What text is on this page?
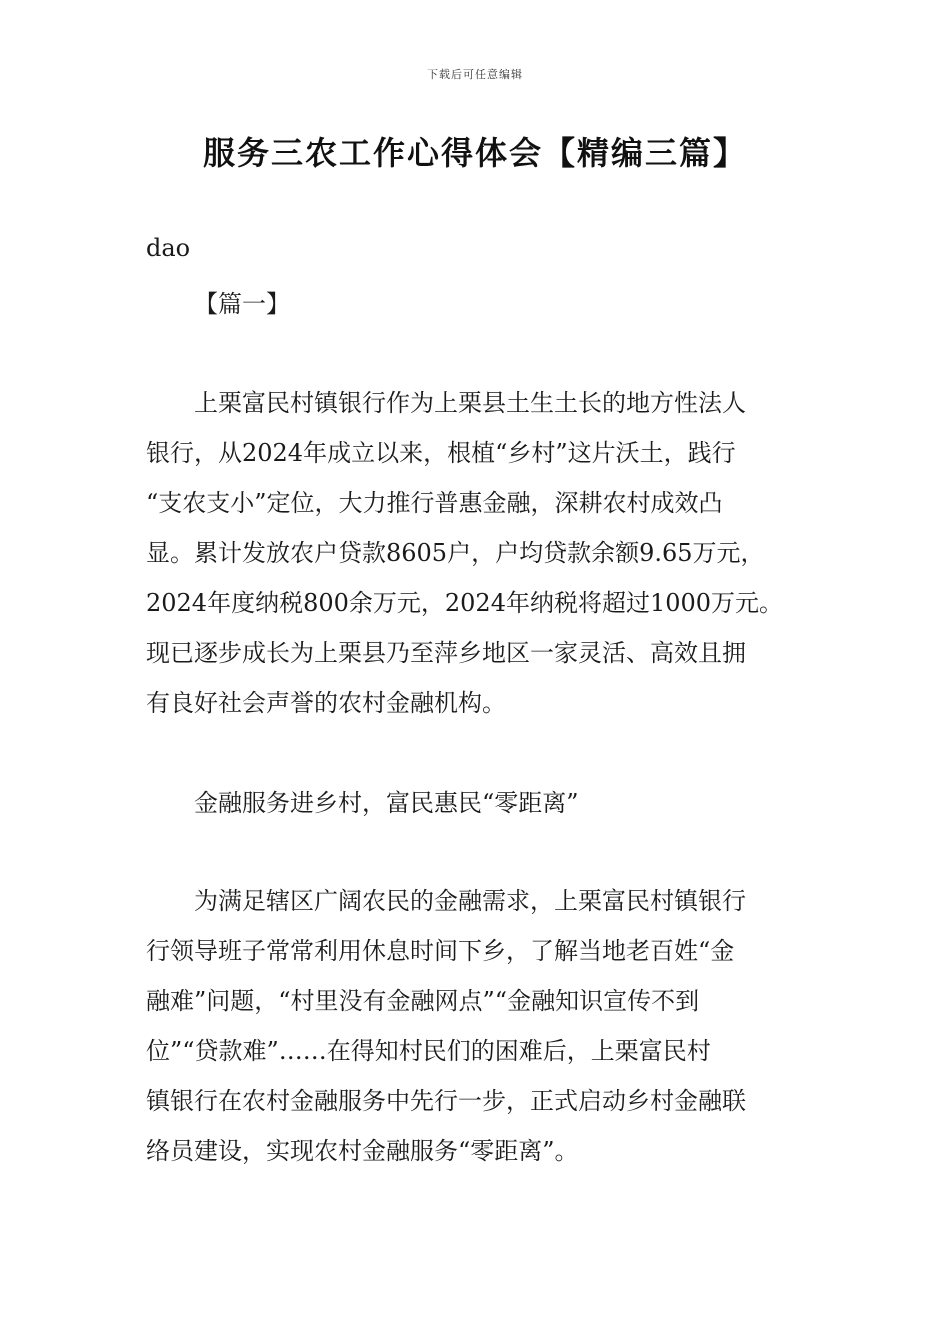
下载后可任意编辑
服务三农工作心得体会【精编三篇】
dao
【篇一】
上栗富民村镇银行作为上栗县土生土长的地方性法人
银行，从2024年成立以来，根植“乡村”这片沃土，践行
“支农支小”定位，大力推行普惠金融，深耕农村成效凸
显。累计发放农户贷款8605户，户均贷款余额9.65万元，
2024年度纳税800余万元，2024年纳税将超过1000万元。
现已逐步成长为上栗县乃至萍乡地区一家灵活、高效且拥
有良好社会声誉的农村金融机构。
金融服务进乡村，富民惠民“零距离”
为满足辖区广阔农民的金融需求，上栗富民村镇银行
行领导班子常常利用休息时间下乡，了解当地老百姓“金
融难”问题，“村里没有金融网点”“金融知识宣传不到
位”“贷款难”……在得知村民们的困难后，上栗富民村
镇银行在农村金融服务中先行一步，正式启动乡村金融联
络员建设，实现农村金融服务“零距离”。
